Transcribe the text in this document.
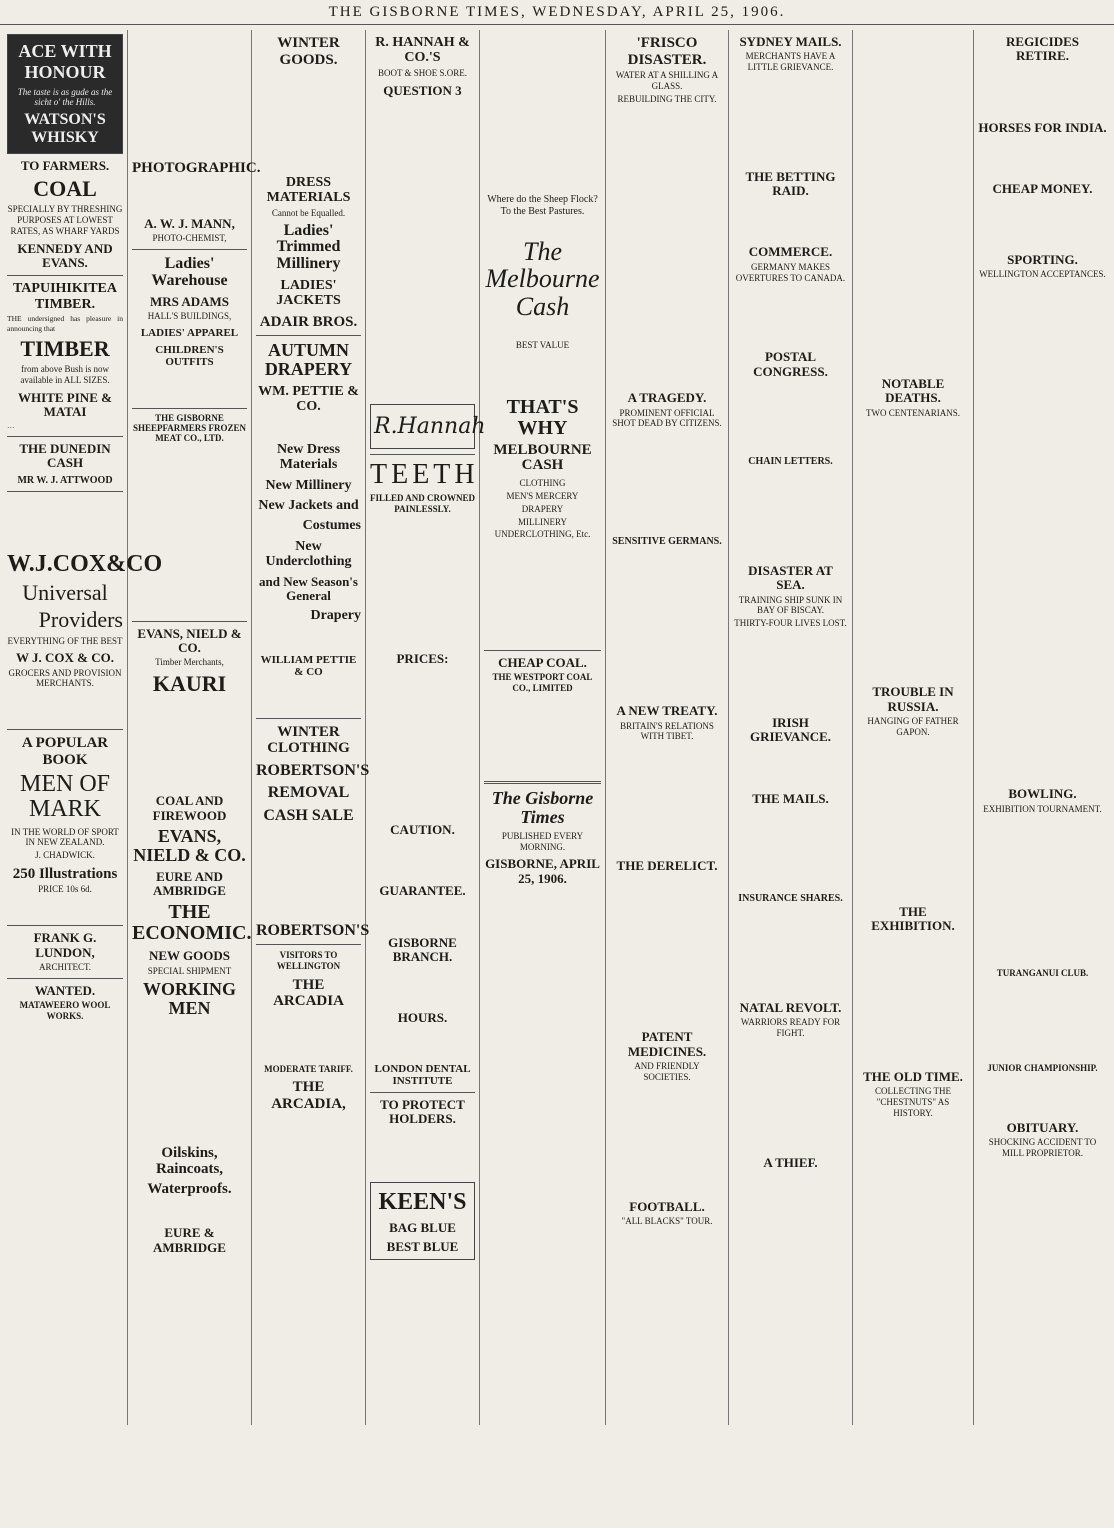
THE GISBORNE TIMES, WEDNESDAY, APRIL 25, 1906.
ACE WITH HONOUR
The taste is as gude as the sicht o' the Hills.
WATSON'S WHISKY
TO FARMERS.
COAL
SPECIALLY BY THRESHING PURPOSES AT LOWEST RATES, AS WHARF YARDS
KENNEDY AND EVANS.
TAPUIHIKITEA TIMBER.
THE undersigned has pleasure in announcing that
TIMBER
from above Bush is now available in ALL SIZES.
WHITE PINE & MATAI
…
THE DUNEDIN CASH
MR W. J. ATTWOOD
W.J.COX&CO
Universal
Providers
EVERYTHING OF THE BEST
W J. COX & CO.
GROCERS AND PROVISION MERCHANTS.
A POPULAR BOOK
MEN OF MARK
IN THE WORLD OF SPORT IN NEW ZEALAND.
J. CHADWICK.
250 Illustrations
PRICE 10s 6d.
FRANK G. LUNDON,
ARCHITECT.
WANTED.
MATAWEERO WOOL WORKS.
PHOTOGRAPHIC.
A. W. J. MANN,
PHOTO-CHEMIST,
Ladies' Warehouse
MRS ADAMS
HALL'S BUILDINGS,
LADIES' APPAREL
CHILDREN'S OUTFITS
THE GISBORNE SHEEPFARMERS FROZEN MEAT CO., LTD.
EVANS, NIELD & CO.
Timber Merchants,
KAURI
COAL AND FIREWOOD
EVANS, NIELD & CO.
EURE AND AMBRIDGE
THE ECONOMIC.
NEW GOODS
SPECIAL SHIPMENT
WORKING MEN
Oilskins, Raincoats,
Waterproofs.
EURE & AMBRIDGE
WINTER GOODS.
DRESS MATERIALS
Cannot be Equalled.
Ladies' Trimmed Millinery
LADIES' JACKETS
ADAIR BROS.
AUTUMN DRAPERY
WM. PETTIE & CO.
New Dress Materials
New Millinery
New Jackets and
Costumes
New Underclothing
and New Season's General
Drapery
WILLIAM PETTIE & CO
WINTER CLOTHING
ROBERTSON'S
REMOVAL
CASH SALE
ROBERTSON'S
VISITORS TO WELLINGTON
THE ARCADIA
MODERATE TARIFF.
THE ARCADIA,
R. HANNAH & CO.'S
BOOT & SHOE S.ORE.
QUESTION 3
R.Hannah
TEETH
FILLED AND CROWNED PAINLESSLY.
PRICES:
CAUTION.
GUARANTEE.
GISBORNE BRANCH.
HOURS.
LONDON DENTAL INSTITUTE
TO PROTECT HOLDERS.
KEEN'S
BAG BLUE
BEST BLUE
Where do the Sheep Flock? To the Best Pastures.
The Melbourne Cash
BEST VALUE
THAT'S WHY
MELBOURNE CASH
CLOTHING
MEN'S MERCERY
DRAPERY
MILLINERY
UNDERCLOTHING, Etc.
CHEAP COAL.
THE WESTPORT COAL CO., LIMITED
The Gisborne Times
PUBLISHED EVERY MORNING.
GISBORNE, APRIL 25, 1906.
'FRISCO DISASTER.
WATER AT A SHILLING A GLASS.
REBUILDING THE CITY.
A TRAGEDY.
PROMINENT OFFICIAL SHOT DEAD BY CITIZENS.
SENSITIVE GERMANS.
A NEW TREATY.
BRITAIN'S RELATIONS WITH TIBET.
THE DERELICT.
PATENT MEDICINES.
AND FRIENDLY SOCIETIES.
FOOTBALL.
"ALL BLACKS" TOUR.
SYDNEY MAILS.
MERCHANTS HAVE A LITTLE GRIEVANCE.
THE BETTING RAID.
COMMERCE.
GERMANY MAKES OVERTURES TO CANADA.
POSTAL CONGRESS.
CHAIN LETTERS.
DISASTER AT SEA.
TRAINING SHIP SUNK IN BAY OF BISCAY.
THIRTY-FOUR LIVES LOST.
IRISH GRIEVANCE.
THE MAILS.
INSURANCE SHARES.
NATAL REVOLT.
WARRIORS READY FOR FIGHT.
A THIEF.
NOTABLE DEATHS.
TWO CENTENARIANS.
TROUBLE IN RUSSIA.
HANGING OF FATHER GAPON.
THE EXHIBITION.
THE OLD TIME.
COLLECTING THE "CHESTNUTS" AS HISTORY.
REGICIDES RETIRE.
HORSES FOR INDIA.
CHEAP MONEY.
SPORTING.
WELLINGTON ACCEPTANCES.
BOWLING.
EXHIBITION TOURNAMENT.
TURANGANUI CLUB.
JUNIOR CHAMPIONSHIP.
OBITUARY.
SHOCKING ACCIDENT TO MILL PROPRIETOR.
